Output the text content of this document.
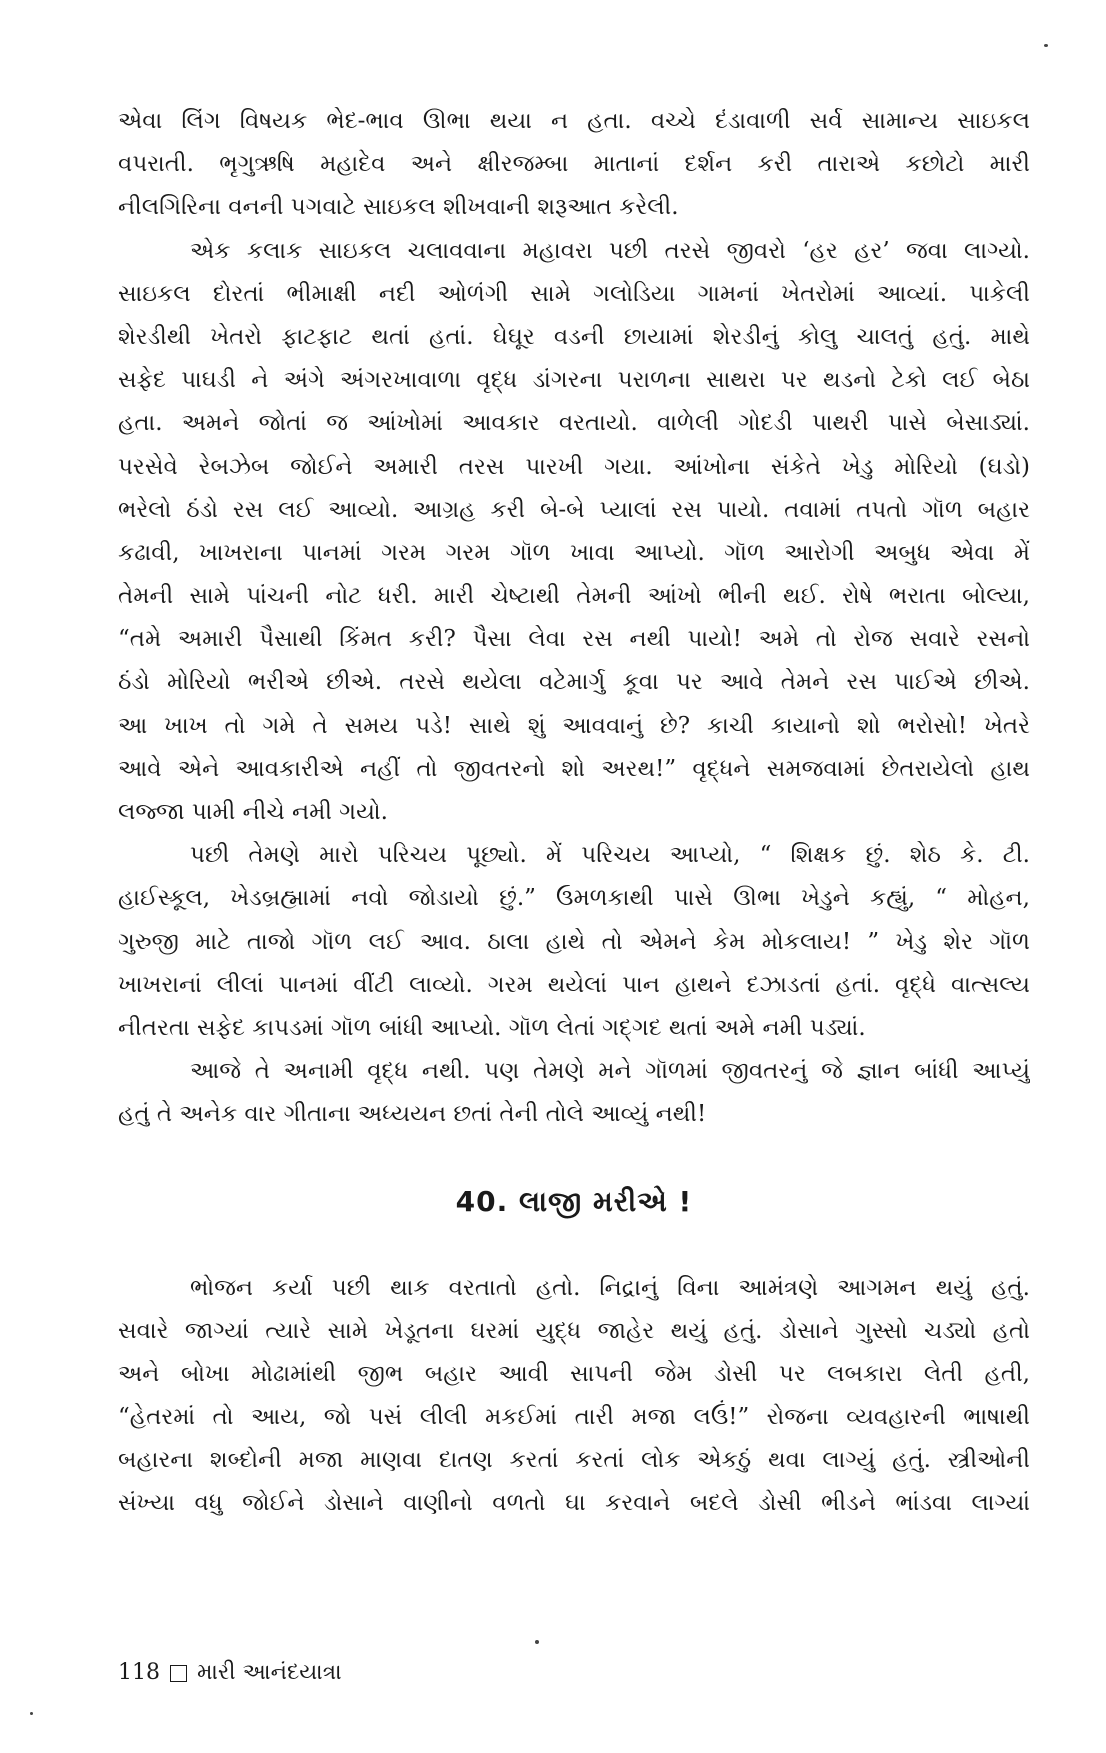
એવા લિંગ વિષયક ભેદ-ભાવ ઊભા થયા ન હતા. વચ્ચે દંડાવાળી સર્વ સામાન્ય સાઇકલ
વપરાતી. ભૃગુઋષિ મહાદેવ અને ક્ષીરજમ્બા માતાનાં દર્શન કરી તારાએ કછોટો મારી
નીલગિરિના વનની પગવાટે સાઇકલ શીખવાની શરૂઆત કરેલી.
એક કલાક સાઇકલ ચલાવવાના મહાવરા પછી તરસે જીવરો ‘હર હર’ જવા લાગ્યો.
સાઇકલ દોરતાં ભીમાક્ષી નદી ઓળંગી સામે ગલોડિયા ગામનાં ખેતરોમાં આવ્યાં. પાકેલી
શેરડીથી ખેતરો ફાટફાટ થતાં હતાં. ઘેઘૂર વડની છાયામાં શેરડીનું કોલુ ચાલતું હતું. માથે
સફેદ પાઘડી ને અંગે અંગરખાવાળા વૃદ્ધ ડાંગરના પરાળના સાથરા પર થડનો ટેકો લઈ બેઠા
હતા. અમને જોતાં જ આંખોમાં આવકાર વરતાયો. વાળેલી ગોદડી પાથરી પાસે બેસાડ્યાં.
પરસેવે રેબઝેબ જોઈને અમારી તરસ પારખી ગયા. આંખોના સંકેતે ખેડુ મોરિયો (ઘડો)
ભરેલો ઠંડો રસ લઈ આવ્યો. આગ્રહ કરી બે-બે પ્યાલાં રસ પાયો. તવામાં તપતો ગૉળ બહાર
કઢાવી, ખાખરાના પાનમાં ગરમ ગરમ ગૉળ ખાવા આપ્યો. ગૉળ આરોગી અબુધ એવા મેં
તેમની સામે પાંચની નોટ ધરી. મારી ચેષ્ટાથી તેમની આંખો ભીની થઈ. રોષે ભરાતા બોલ્યા,
“તમે અમારી પૈસાથી કિંમત કરી? પૈસા લેવા રસ નથી પાયો! અમે તો રોજ સવારે રસનો
ઠંડો મોરિયો ભરીએ છીએ. તરસે થયેલા વટેમાર્ગુ કૂવા પર આવે તેમને રસ પાઈએ છીએ.
આ ખાખ તો ગમે તે સમય પડે! સાથે શું આવવાનું છે? કાચી કાયાનો શો ભરોસો! ખેતરે
આવે એને આવકારીએ નહીં તો જીવતરનો શો અરથ!” વૃદ્ધને સમજવામાં છેતરાયેલો હાથ
લજ્જા પામી નીચે નમી ગયો.
પછી તેમણે મારો પરિચય પૂછ્યો. મેં પરિચય આપ્યો, “ શિક્ષક છું. શેઠ કે. ટી.
હાઈસ્કૂલ, ખેડબ્રહ્મામાં નવો જોડાયો છું.” ઉમળકાથી પાસે ઊભા ખેડુને કહ્યું, “ મોહન,
ગુરુજી માટે તાજો ગૉળ લઈ આવ. ઠાલા હાથે તો એમને કેમ મોકલાય! ” ખેડુ શેર ગૉળ
ખાખરાનાં લીલાં પાનમાં વીંટી લાવ્યો. ગરમ થયેલાં પાન હાથને દઝાડતાં હતાં. વૃદ્ધે વાત્સલ્ય
નીતરતા સફેદ કાપડમાં ગૉળ બાંધી આપ્યો. ગૉળ લેતાં ગદ્ગદ થતાં અમે નમી પડ્યાં.
આજે તે અનામી વૃદ્ધ નથી. પણ તેમણે મને ગૉળમાં જીવતરનું જે જ્ઞાન બાંધી આપ્યું
હતું તે અનેક વાર ગીતાના અધ્યયન છતાં તેની તોલે આવ્યું નથી!
40. લાજી મરીએ !
ભોજન કર્યા પછી થાક વરતાતો હતો. નિદ્રાનું વિના આમંત્રણે આગમન થયું હતું.
સવારે જાગ્યાં ત્યારે સામે ખેડૂતના ઘરમાં યુદ્ધ જાહેર થયું હતું. ડોસાને ગુસ્સો ચડ્યો હતો
અને બોખા મોઢામાંથી જીભ બહાર આવી સાપની જેમ ડોસી પર લબકારા લેતી હતી,
“હેતરમાં તો આય, જો પસં લીલી મકઈમાં તારી મજા લઉં!” રોજના વ્યવહારની ભાષાથી
બહારના શબ્દોની મજા માણવા દાતણ કરતાં કરતાં લોક એકઠું થવા લાગ્યું હતું. સ્ત્રીઓની
સંખ્યા વધુ જોઈને ડોસાને વાણીનો વળતો ઘા કરવાને બદલે ડોસી ભીડને ભાંડવા લાગ્યાં
118 મારી આનંદયાત્રા
